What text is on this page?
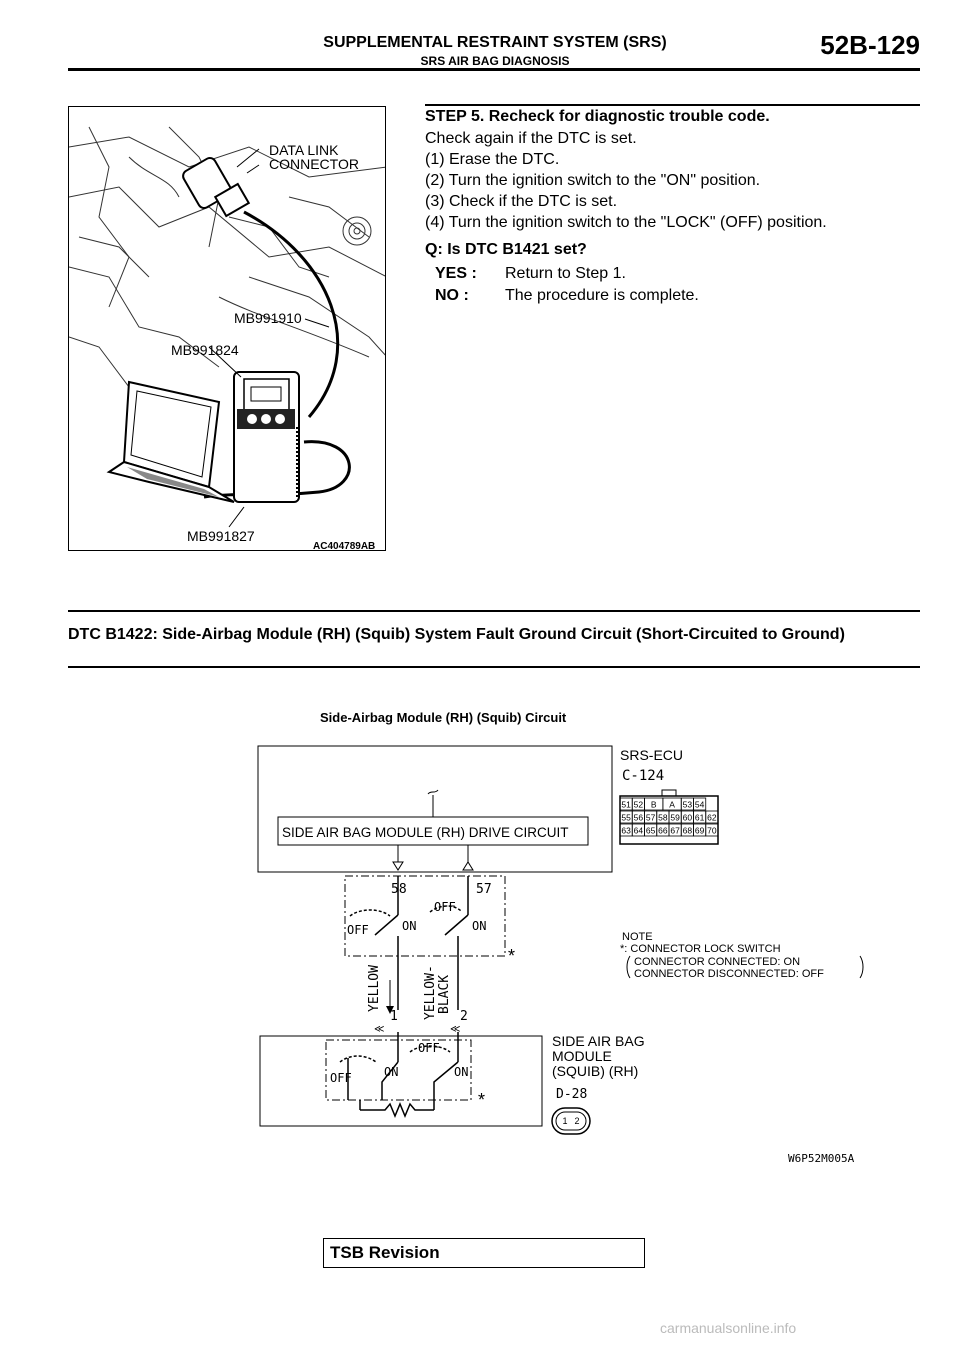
SUPPLEMENTAL RESTRAINT SYSTEM (SRS)
SRS AIR BAG DIAGNOSIS
52B-129
DATA LINK
CONNECTOR
MB991910
MB991824
MB991827
AC404789AB
STEP 5. Recheck for diagnostic trouble code.
Check again if the DTC is set.
(1) Erase the DTC.
(2) Turn the ignition switch to the "ON" position.
(3) Check if the DTC is set.
(4) Turn the ignition switch to the "LOCK" (OFF) position.
Q: Is DTC B1421 set?
YES : Return to Step 1.
NO : The procedure is complete.
DTC B1422: Side-Airbag Module (RH) (Squib) System Fault Ground Circuit (Short-Circuited to Ground)
Side-Airbag Module (RH) (Squib) Circuit
SIDE AIR BAG MODULE (RH) DRIVE CIRCUIT
SRS-ECU
C-124
51 52 B A 53 54
55 56 57 58 59 60 61 62
63 64 65 66 67 68 69 70
58	57
OFF	ON
OFF
ON
*
YELLOW	YELLOW- BLACK
1	2
≪	≪
NOTE
*: CONNECTOR LOCK SWITCH
CONNECTOR CONNECTED: ON
CONNECTOR DISCONNECTED: OFF
OFF	ON
OFF
ON
*
SIDE AIR BAG
MODULE
(SQUIB) (RH)
D-28
1 2
W6P52M005A
TSB Revision
carmanualsonline.info
